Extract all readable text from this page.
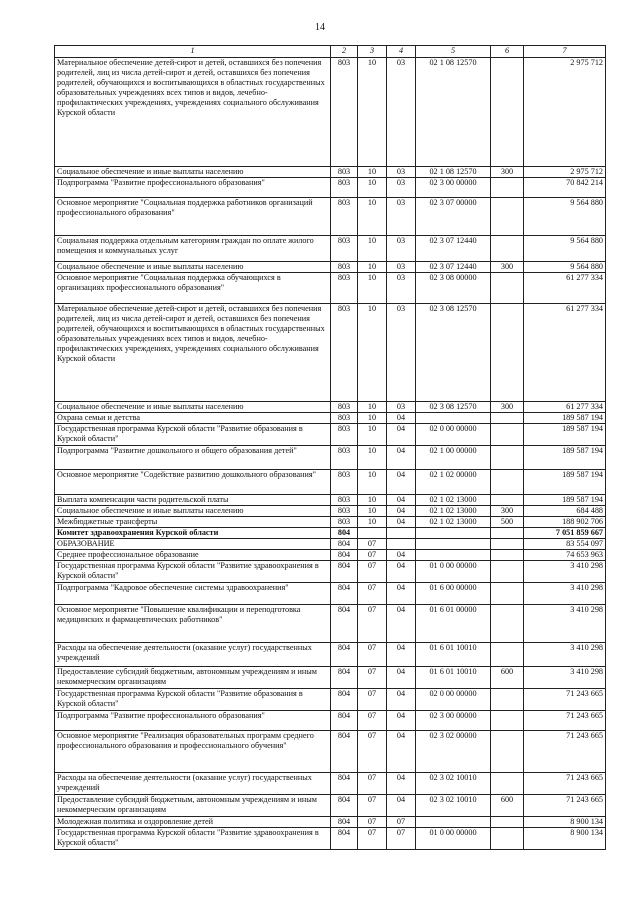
14
1	2	3	4	5	6	7
Материальное обеспечение детей-сирот и детей, оставшихся без попечения родителей, лиц из числа детей-сирот и детей, оставшихся без попечения родителей, обучающихся и воспитывающихся в областных государственных образовательных учреждениях всех типов и видов, лечебно-профилактических учреждениях, учреждениях социального обслуживания Курской области	803	10	03	02 1 08 12570		2 975 712
Социальное обеспечение и иные выплаты населению	803	10	03	02 1 08 12570	300	2 975 712
Подпрограмма "Развитие профессионального образования"	803	10	03	02 3 00 00000		70 842 214
Основное мероприятие "Социальная поддержка работников организаций профессионального образования"	803	10	03	02 3 07 00000		9 564 880
Социальная поддержка отдельным категориям граждан по оплате жилого помещения и коммунальных услуг	803	10	03	02 3 07 12440		9 564 880
Социальное обеспечение и иные выплаты населению	803	10	03	02 3 07 12440	300	9 564 880
Основное мероприятие "Социальная поддержка обучающихся в организациях профессионального образования"	803	10	03	02 3 08 00000		61 277 334
Материальное обеспечение детей-сирот и детей, оставшихся без попечения родителей, лиц из числа детей-сирот и детей, оставшихся без попечения родителей, обучающихся и воспитывающихся в областных государственных образовательных учреждениях всех типов и видов, лечебно-профилактических учреждениях, учреждениях социального обслуживания Курской области	803	10	03	02 3 08 12570		61 277 334
Социальное обеспечение и иные выплаты населению	803	10	03	02 3 08 12570	300	61 277 334
Охрана семьи и детства	803	10	04			189 587 194
Государственная программа Курской области "Развитие образования в Курской области"	803	10	04	02 0 00 00000		189 587 194
Подпрограмма "Развитие дошкольного и общего образования детей"	803	10	04	02 1 00 00000		189 587 194
Основное мероприятие "Содействие развитию дошкольного образования"	803	10	04	02 1 02 00000		189 587 194
Выплата компенсации части родительской платы	803	10	04	02 1 02 13000		189 587 194
Социальное обеспечение и иные выплаты населению	803	10	04	02 1 02 13000	300	684 488
Межбюджетные трансферты	803	10	04	02 1 02 13000	500	188 902 706
Комитет здравоохранения Курской области	804					7 051 859 667
ОБРАЗОВАНИЕ	804	07				83 554 097
Среднее профессиональное образование	804	07	04			74 653 963
Государственная программа Курской области "Развитие здравоохранения в Курской области"	804	07	04	01 0 00 00000		3 410 298
Подпрограмма "Кадровое обеспечение системы здравоохранения"	804	07	04	01 6 00 00000		3 410 298
Основное мероприятие "Повышение квалификации и переподготовка медицинских и фармацевтических работников"	804	07	04	01 6 01 00000		3 410 298
Расходы на обеспечение деятельности (оказание услуг) государственных учреждений	804	07	04	01 6 01 10010		3 410 298
Предоставление субсидий бюджетным, автономным учреждениям и иным некоммерческим организациям	804	07	04	01 6 01 10010	600	3 410 298
Государственная программа Курской области "Развитие образования в Курской области"	804	07	04	02 0 00 00000		71 243 665
Подпрограмма "Развитие профессионального образования"	804	07	04	02 3 00 00000		71 243 665
Основное мероприятие "Реализация образовательных программ среднего профессионального образования и профессионального обучения"	804	07	04	02 3 02 00000		71 243 665
Расходы на обеспечение деятельности (оказание услуг) государственных учреждений	804	07	04	02 3 02 10010		71 243 665
Предоставление субсидий бюджетным, автономным учреждениям и иным некоммерческим организациям	804	07	04	02 3 02 10010	600	71 243 665
Молодежная политика и оздоровление детей	804	07	07			8 900 134
Государственная программа Курской области "Развитие здравоохранения в Курской области"	804	07	07	01 0 00 00000		8 900 134
